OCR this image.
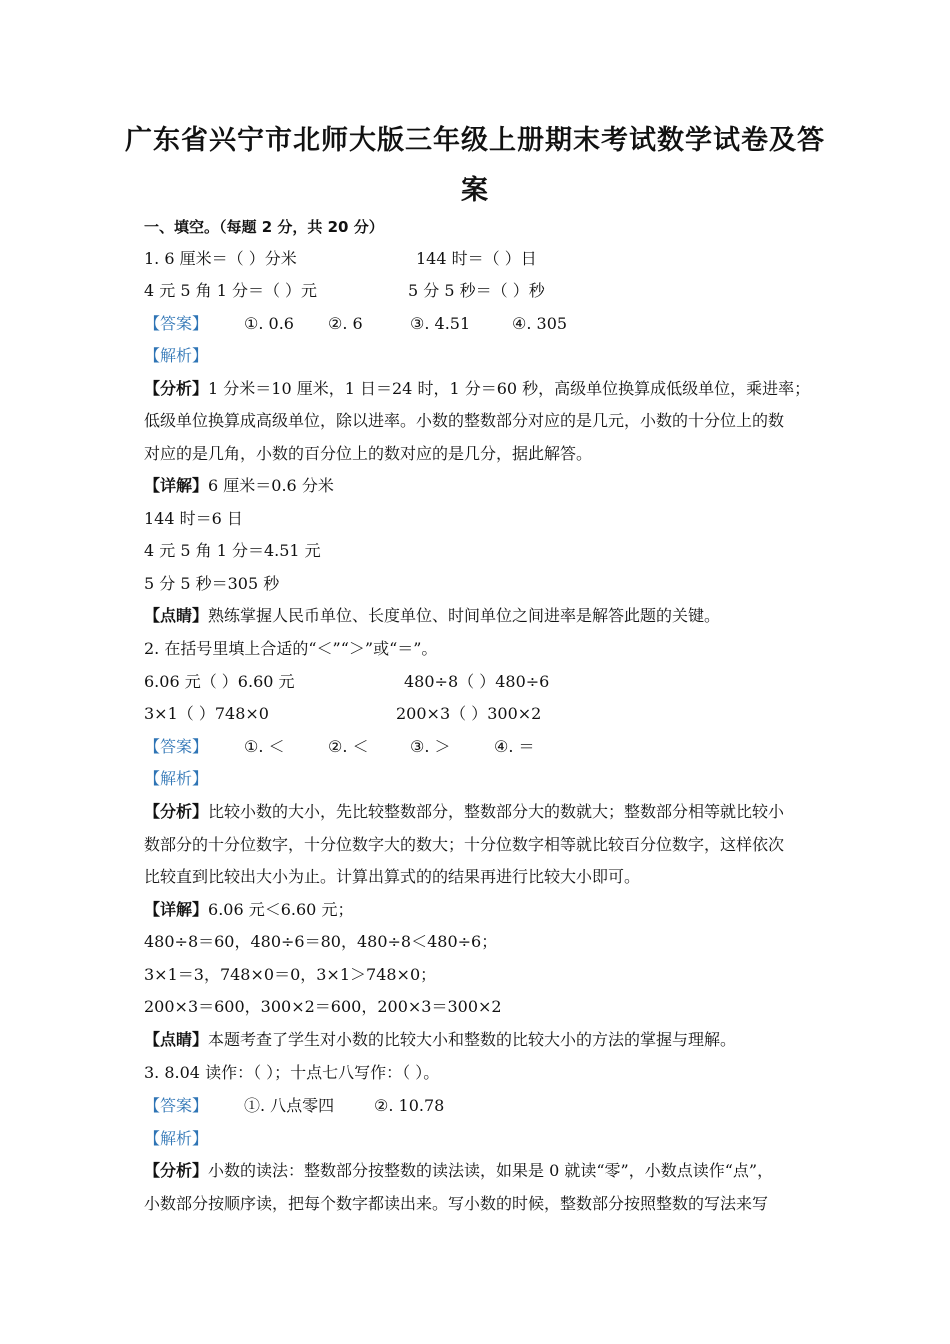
广东省兴宁市北师大版三年级上册期末考试数学试卷及答
案
一、填空。（每题 2 分，共 20 分）
1. 6 厘米＝（ ）分米	144 时＝（ ）日
4 元 5 角 1 分＝（ ）元	5 分 5 秒＝（ ）秒
【答案】 ①. 0.6 ②. 6	③. 4.51	④. 305
【解析】
【分析】1 分米＝10 厘米，1 日＝24 时，1 分＝60 秒，高级单位换算成低级单位，乘进率；
低级单位换算成高级单位，除以进率。小数的整数部分对应的是几元，小数的十分位上的数
对应的是几角，小数的百分位上的数对应的是几分，据此解答。
【详解】6 厘米＝0.6 分米
144 时＝6 日
4 元 5 角 1 分＝4.51 元
5 分 5 秒＝305 秒
【点睛】熟练掌握人民币单位、长度单位、时间单位之间进率是解答此题的关键。
2. 在括号里填上合适的“＜”“＞”或“＝”。
6.06 元（ ）6.60 元	480÷8（ ）480÷6
3×1（ ）748×0	200×3（ ）300×2
【答案】 ①. ＜	②. ＜	③. ＞	④. ＝
【解析】
【分析】比较小数的大小，先比较整数部分，整数部分大的数就大；整数部分相等就比较小
数部分的十分位数字，十分位数字大的数大；十分位数字相等就比较百分位数字，这样依次
比较直到比较出大小为止。计算出算式的的结果再进行比较大小即可。
【详解】6.06 元＜6.60 元；
480÷8＝60，480÷6＝80，480÷8＜480÷6；
3×1＝3，748×0＝0，3×1＞748×0；
200×3＝600，300×2＝600，200×3＝300×2
【点睛】本题考查了学生对小数的比较大小和整数的比较大小的方法的掌握与理解。
3. 8.04 读作：（ ）；十点七八写作：（ ）。
【答案】 ①. 八点零四 ②. 10.78
【解析】
【分析】小数的读法：整数部分按整数的读法读，如果是 0 就读“零”，小数点读作“点”，
小数部分按顺序读，把每个数字都读出来。写小数的时候，整数部分按照整数的写法来写
